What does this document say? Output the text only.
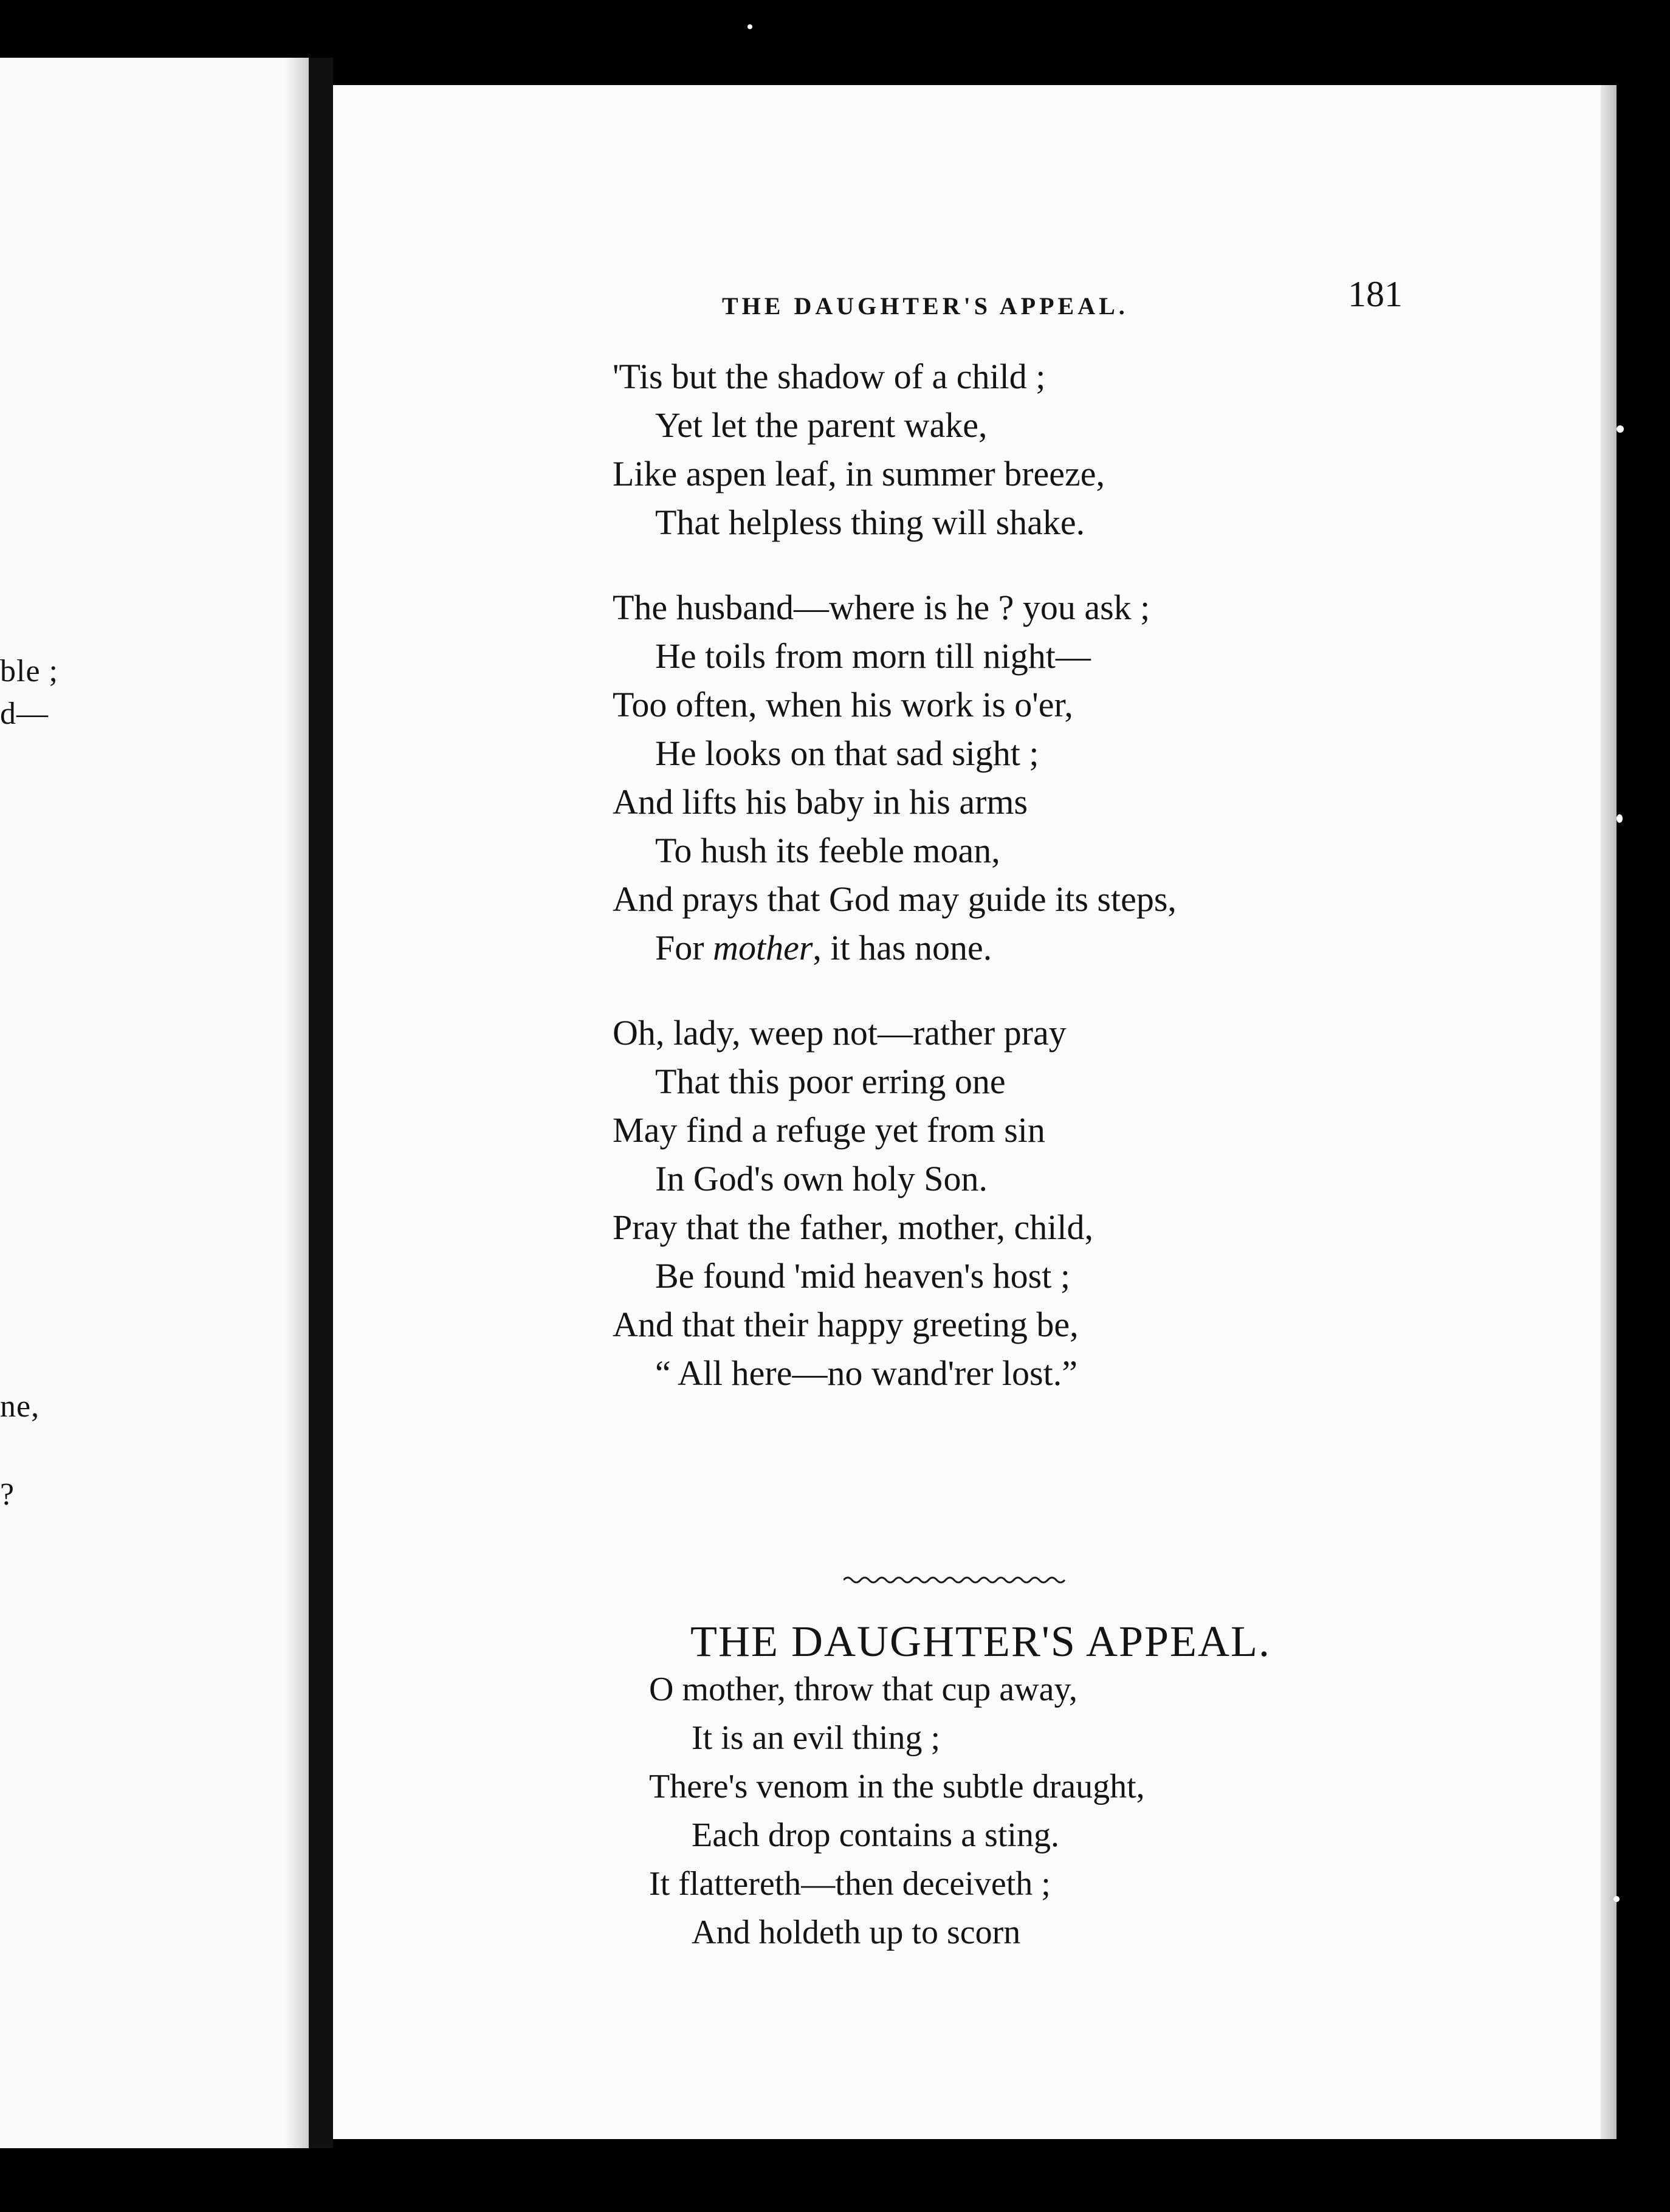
ble ;
d—
ne,
?
THE DAUGHTER'S APPEAL.	181
'Tis but the shadow of a child ;
Yet let the parent wake,
Like aspen leaf, in summer breeze,
That helpless thing will shake.
The husband—where is he ? you ask ;
He toils from morn till night—
Too often, when his work is o'er,
He looks on that sad sight ;
And lifts his baby in his arms
To hush its feeble moan,
And prays that God may guide its steps,
For mother, it has none.
Oh, lady, weep not—rather pray
That this poor erring one
May find a refuge yet from sin
In God's own holy Son.
Pray that the father, mother, child,
Be found 'mid heaven's host ;
And that their happy greeting be,
“ All here—no wand'rer lost.”
THE DAUGHTER'S APPEAL.
O mother, throw that cup away,
It is an evil thing ;
There's venom in the subtle draught,
Each drop contains a sting.
It flattereth—then deceiveth ;
And holdeth up to scorn
